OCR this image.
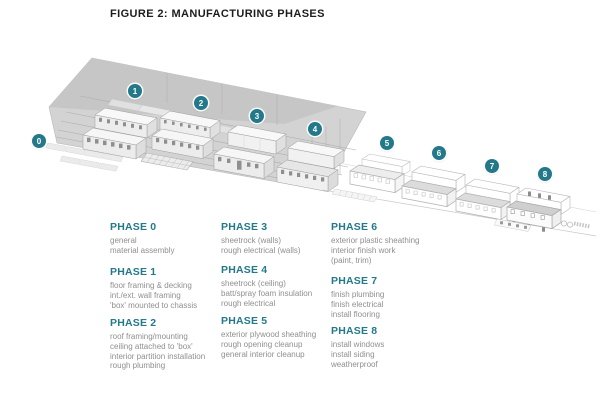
FIGURE 2: MANUFACTURING PHASES
0
1
2
3
4
5
6
7
8
PHASE 0
general
material assembly
PHASE 1
floor framing & decking
int./ext. wall framing
'box' mounted to chassis
PHASE 2
roof framing/mounting
ceiling attached to 'box'
interior partition installation
rough plumbing
PHASE 3
sheetrock (walls)
rough electrical (walls)
PHASE 4
sheetrock (ceiling)
batt/spray foam insulation
rough electrical
PHASE 5
exterior plywood sheathing
rough opening cleanup
general interior cleanup
PHASE 6
exterior plastic sheathing
interior finish work
(paint, trim)
PHASE 7
finish plumbing
finish electrical
install flooring
PHASE 8
install windows
install siding
weatherproof
